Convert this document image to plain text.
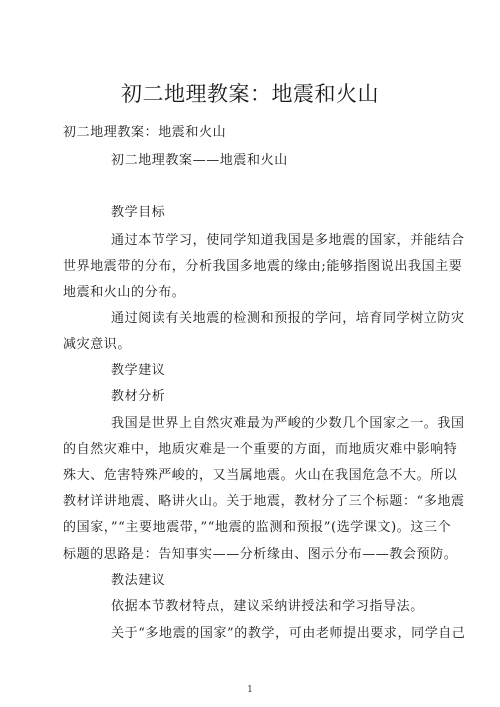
初二地理教案：地震和火山
初二地理教案：地震和火山
初二地理教案——地震和火山
教学目标
通过本节学习，使同学知道我国是多地震的国家，并能结合
世界地震带的分布，分析我国多地震的缘由;能够指图说出我国主要
地震和火山的分布。
通过阅读有关地震的检测和预报的学问，培育同学树立防灾
减灾意识。
教学建议
教材分析
我国是世界上自然灾难最为严峻的少数几个国家之一。我国
的自然灾难中，地质灾难是一个重要的方面，而地质灾难中影响特
殊大、危害特殊严峻的，又当属地震。火山在我国危急不大。所以
教材详讲地震、略讲火山。关于地震，教材分了三个标题：“多地震
的国家，”“主要地震带，”“地震的监测和预报”(选学课文)。这三个
标题的思路是：告知事实——分析缘由、图示分布——教会预防。
教法建议
依据本节教材特点，建议采纳讲授法和学习指导法。
关于“多地震的国家”的教学，可由老师提出要求，同学自己
1
